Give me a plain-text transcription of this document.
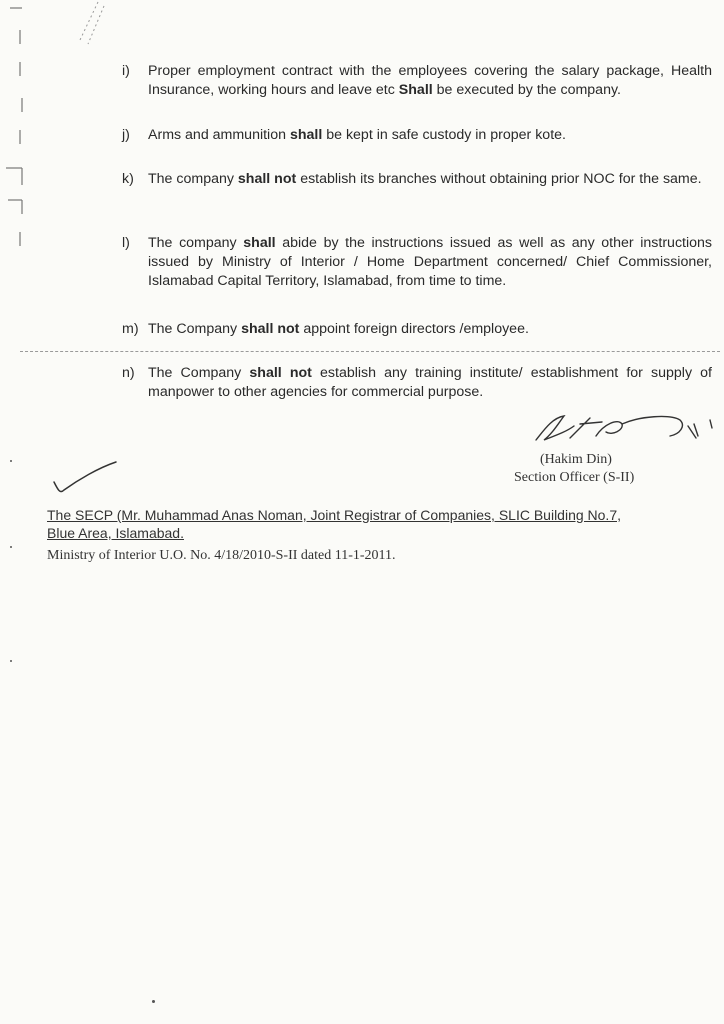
i)	Proper employment contract with the employees covering the salary package, Health Insurance, working hours and leave etc Shall be executed by the company.
j)	Arms and ammunition shall be kept in safe custody in proper kote.
k) The company shall not establish its branches without obtaining prior NOC for the same.
l)	The company shall abide by the instructions issued as well as any other instructions issued by Ministry of Interior / Home Department concerned/ Chief Commissioner, Islamabad Capital Territory, Islamabad, from time to time.
m) The Company shall not appoint foreign directors /employee.
n) The Company shall not establish any training institute/ establishment for supply of manpower to other agencies for commercial purpose.
(Hakim Din)
Section Officer (S-II)
The SECP (Mr. Muhammad Anas Noman, Joint Registrar of Companies, SLIC Building No.7,
Blue Area, Islamabad.
Ministry of Interior U.O. No. 4/18/2010-S-II dated 11-1-2011.
